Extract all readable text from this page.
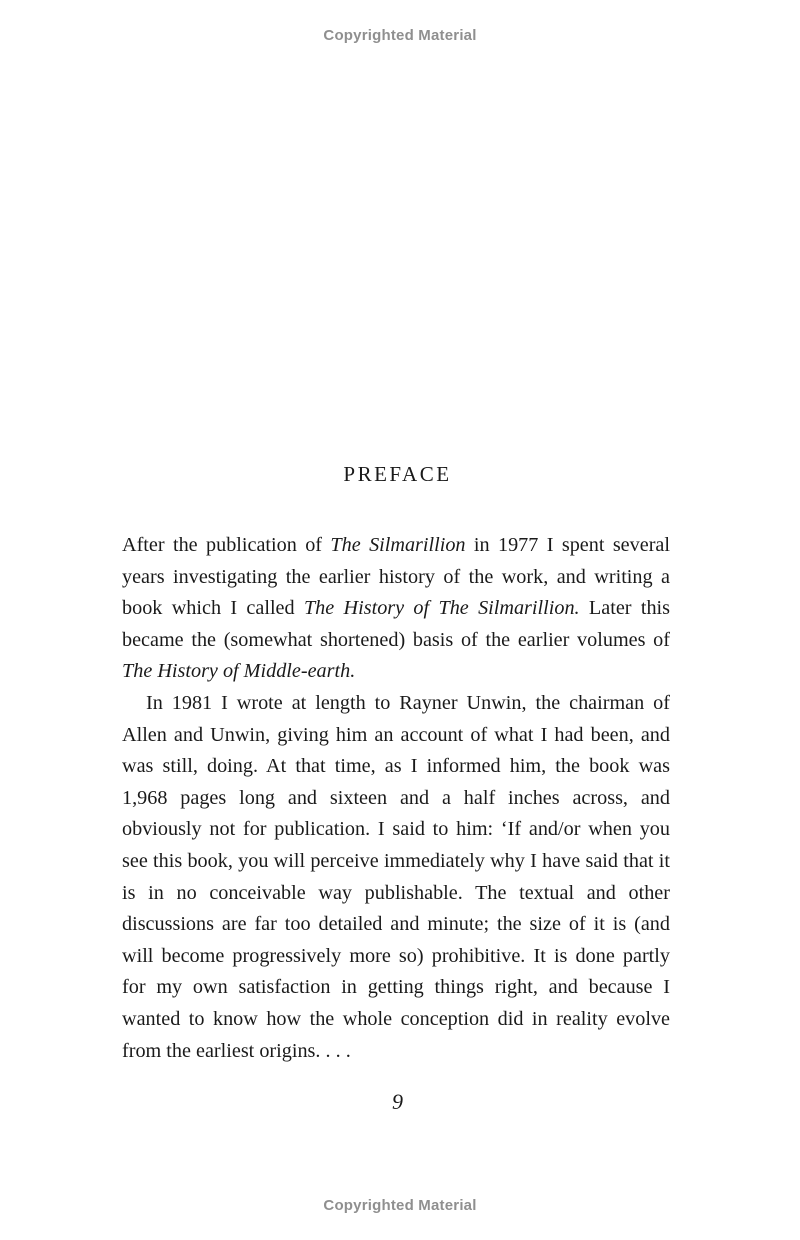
Copyrighted Material
PREFACE

After the publication of The Silmarillion in 1977 I spent several years investigating the earlier history of the work, and writing a book which I called The History of The Silmarillion. Later this became the (somewhat shortened) basis of the earlier volumes of The History of Middle-earth.

In 1981 I wrote at length to Rayner Unwin, the chairman of Allen and Unwin, giving him an account of what I had been, and was still, doing. At that time, as I informed him, the book was 1,968 pages long and sixteen and a half inches across, and obviously not for publication. I said to him: ‘If and/or when you see this book, you will perceive immediately why I have said that it is in no conceivable way publishable. The textual and other discussions are far too detailed and minute; the size of it is (and will become progressively more so) prohibitive. It is done partly for my own satisfaction in getting things right, and because I wanted to know how the whole conception did in reality evolve from the earliest origins. . . .

9
Copyrighted Material
